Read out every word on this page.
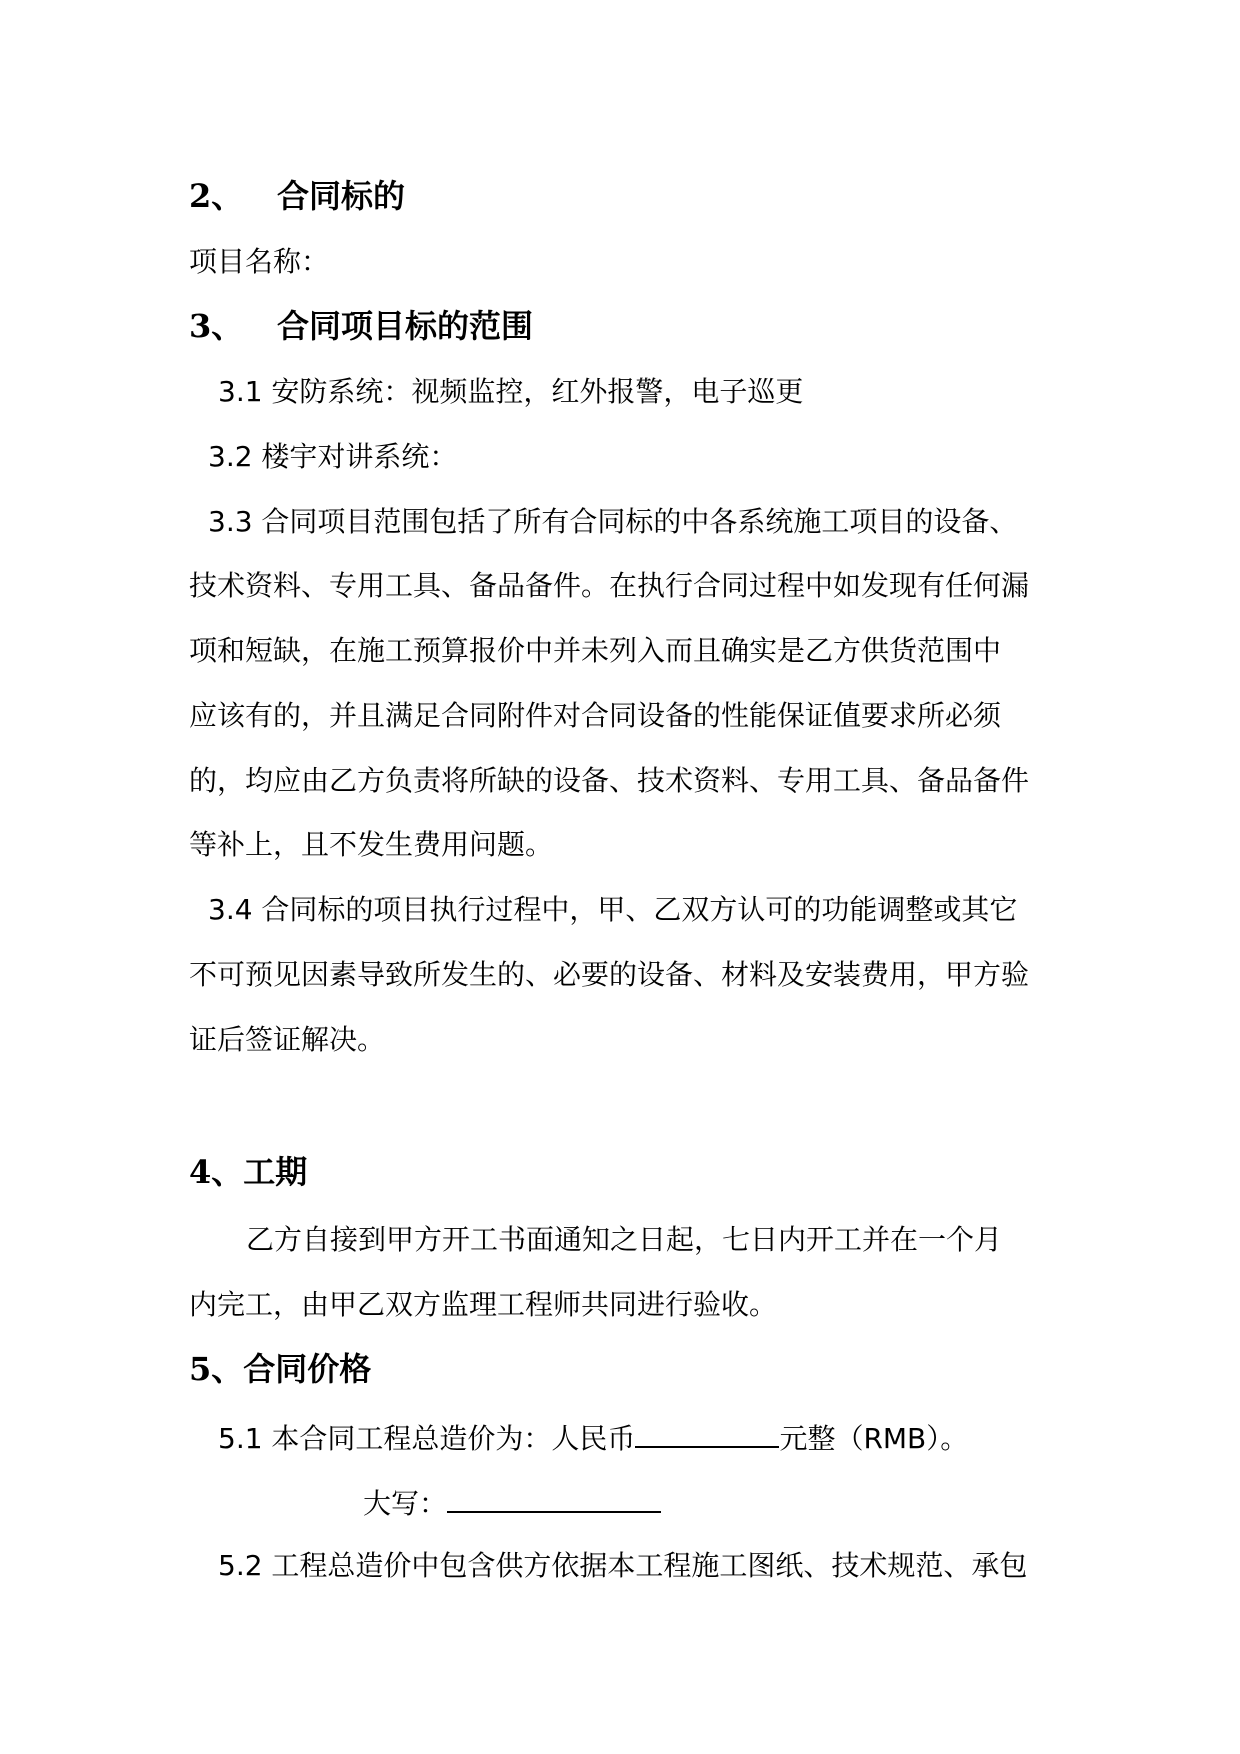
2、 合同标的
项目名称：
3、 合同项目标的范围
3.1 安防系统：视频监控，红外报警，电子巡更
3.2 楼宇对讲系统：
3.3 合同项目范围包括了所有合同标的中各系统施工项目的设备、
技术资料、专用工具、备品备件。在执行合同过程中如发现有任何漏
项和短缺，在施工预算报价中并未列入而且确实是乙方供货范围中
应该有的，并且满足合同附件对合同设备的性能保证值要求所必须
的，均应由乙方负责将所缺的设备、技术资料、专用工具、备品备件
等补上，且不发生费用问题。
3.4 合同标的项目执行过程中，甲、乙双方认可的功能调整或其它
不可预见因素导致所发生的、必要的设备、材料及安装费用，甲方验
证后签证解决。
4、工期
乙方自接到甲方开工书面通知之日起，七日内开工并在一个月
内完工，由甲乙双方监理工程师共同进行验收。
5、合同价格
5.1 本合同工程总造价为：人民币	元整（RMB）。
大写：
5.2 工程总造价中包含供方依据本工程施工图纸、技术规范、承包
